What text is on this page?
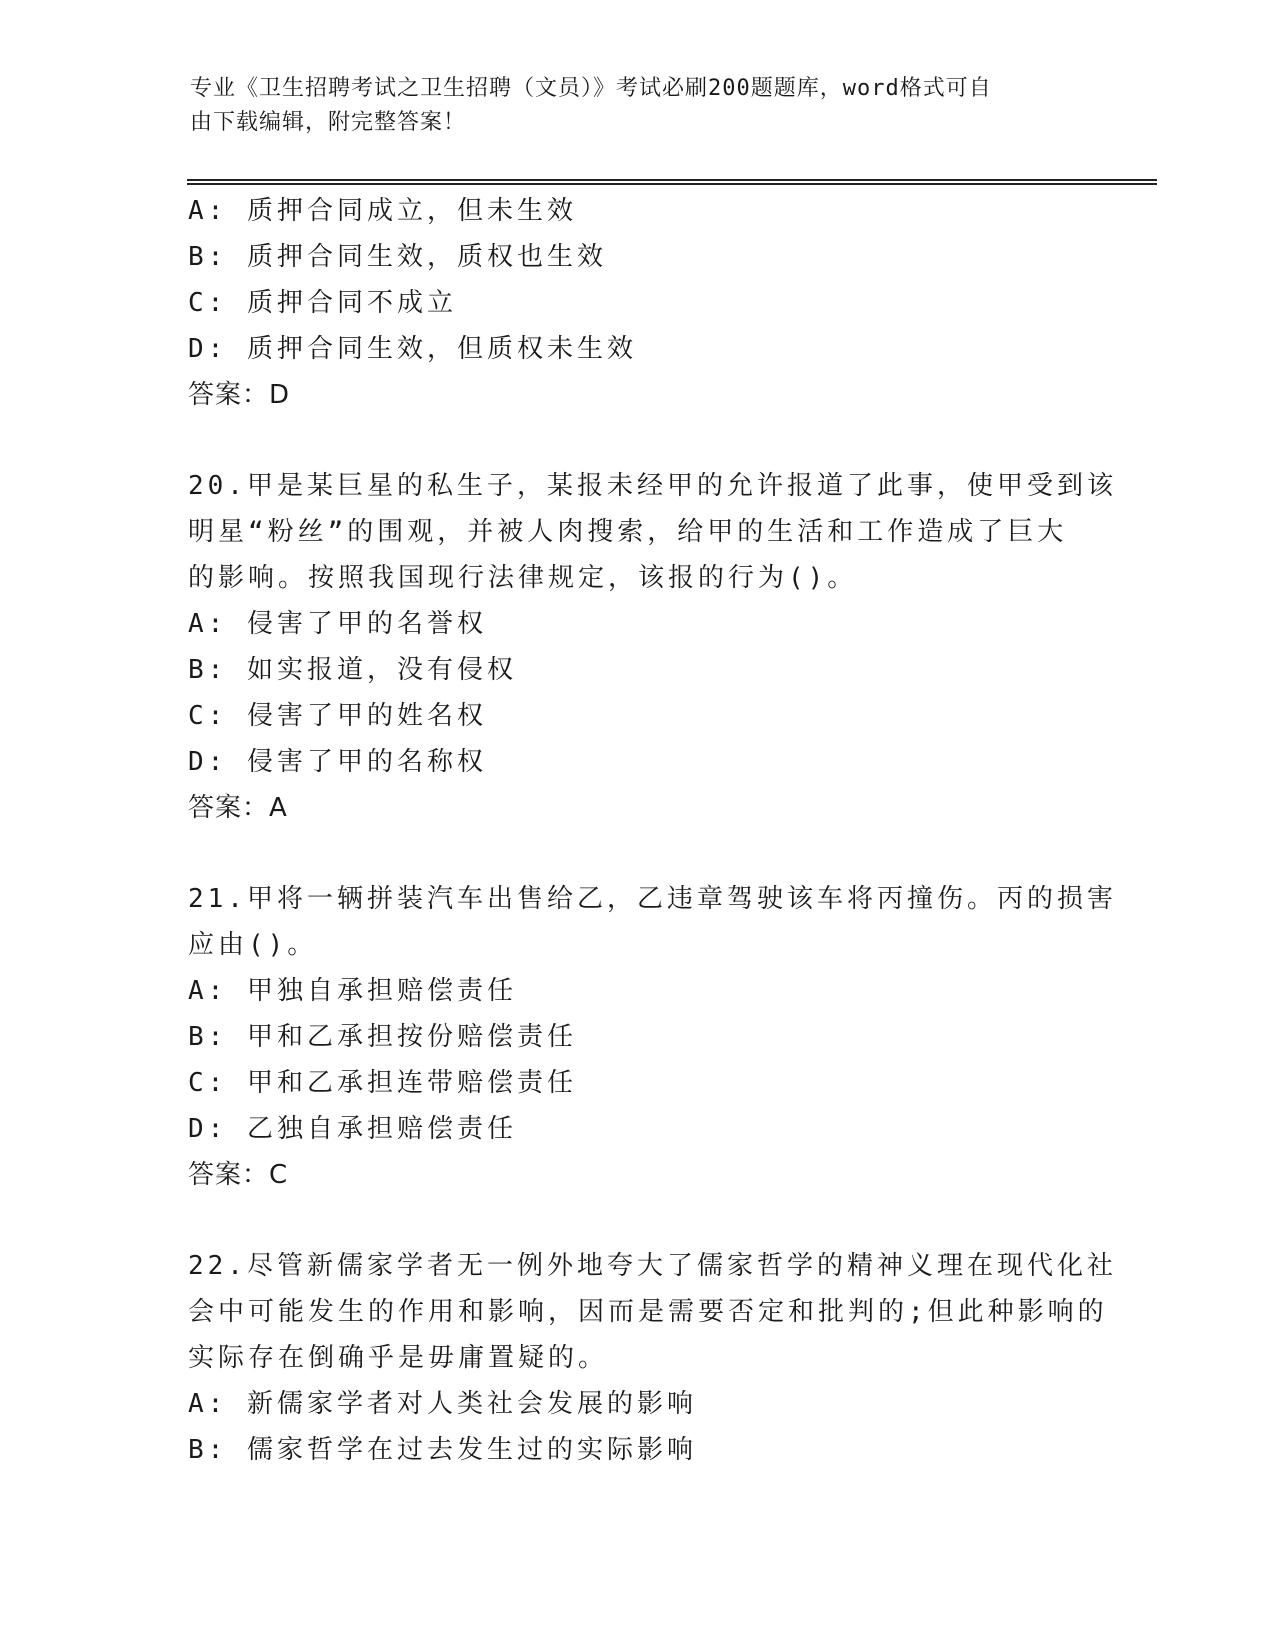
专业《卫生招聘考试之卫生招聘（文员）》考试必刷200题题库，word格式可自
由下载编辑，附完整答案！
A: 质押合同成立，但未生效
B: 质押合同生效，质权也生效
C: 质押合同不成立
D: 质押合同生效，但质权未生效
答案：D
20.甲是某巨星的私生子，某报未经甲的允许报道了此事，使甲受到该
明星“粉丝”的围观，并被人肉搜索，给甲的生活和工作造成了巨大
的影响。按照我国现行法律规定，该报的行为()。
A: 侵害了甲的名誉权
B: 如实报道，没有侵权
C: 侵害了甲的姓名权
D: 侵害了甲的名称权
答案：A
21.甲将一辆拼装汽车出售给乙，乙违章驾驶该车将丙撞伤。丙的损害
应由()。
A: 甲独自承担赔偿责任
B: 甲和乙承担按份赔偿责任
C: 甲和乙承担连带赔偿责任
D: 乙独自承担赔偿责任
答案：C
22.尽管新儒家学者无一例外地夸大了儒家哲学的精神义理在现代化社
会中可能发生的作用和影响，因而是需要否定和批判的;但此种影响的
实际存在倒确乎是毋庸置疑的。
A: 新儒家学者对人类社会发展的影响
B: 儒家哲学在过去发生过的实际影响
